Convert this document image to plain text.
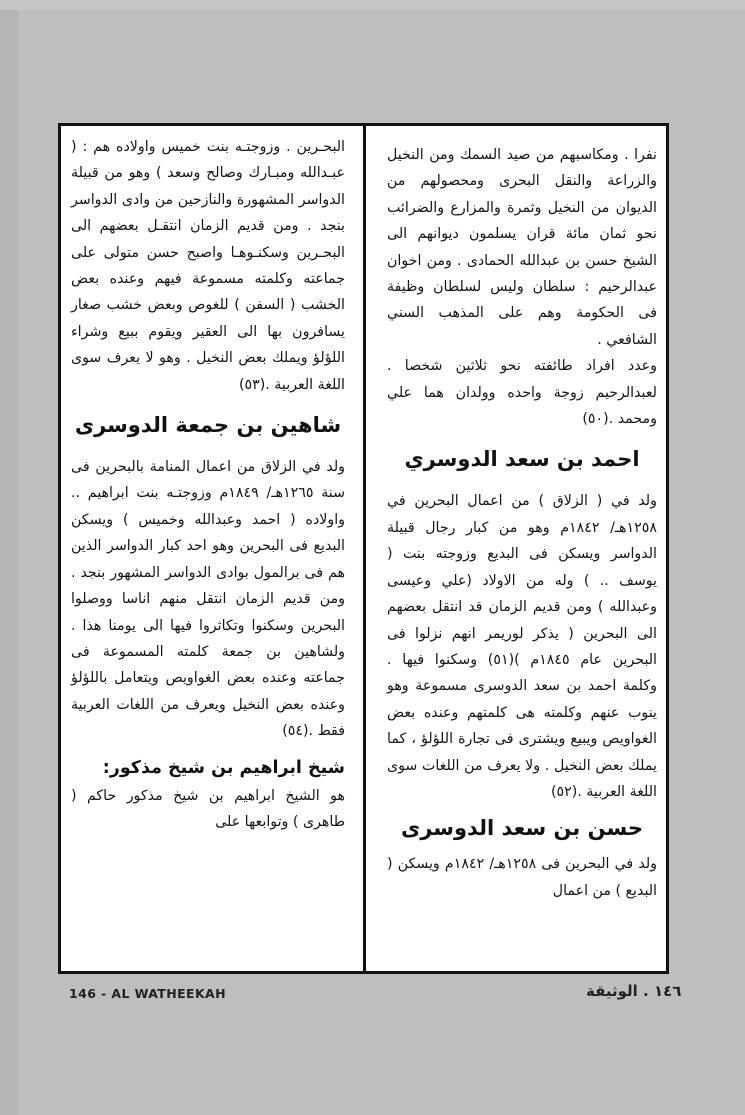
البحـرين . وزوجتـه بنت خميس واولاده هم : ( عبـدالله ومبـارك وصالح وسعد ) وهو من قبيلة الدواسر المشهورة والنازحين من وادى الدواسر بنجد . ومن قديم الزمان انتقـل بعضهم الى البحـرين وسكنـوهـا واصبح حسن متولى على جماعته وكلمته مسموعة فيهم وعنده بعض الخشب ( السفن ) للغوص وبعض خشب صغار يسافرون بها الى العقير ويقوم ببيع وشراء اللؤلؤ ويملك بعض النخيل . وهو لا يعرف سوى اللغة العربية .(٥٣)

شاهين بن جمعة الدوسرى

ولد في الزلاق من اعمال المنامة بالبحرين فى سنة ١٢٦٥هـ/ ١٨٤٩م وزوجتـه بنت ابراهيم .. واولاده ( احمد وعبدالله وخميس ) ويسكن البديع فى البحرين وهو احد كبار الدواسر الذين هم فى برالمول بوادى الدواسر المشهور بنجد . ومن قديم الزمان انتقل منهم اناسا ووصلوا البحرين وسكنوا وتكاثروا فيها الى يومنا هذا . ولشاهين بن جمعة كلمته المسموعة فى جماعته وعنده بعض الغواويص ويتعامل باللؤلؤ وعنده بعض النخيل ويعرف من اللغات العربية فقط .(٥٤)

شيخ ابراهيم بن شيخ مذكور:

هو الشيخ ابراهيم بن شيخ مذكور حاكم ( طاهرى ) وتوابعها على

نفرا . ومكاسبهم من صيد السمك ومن النخيل والزراعة والنقل البحرى ومحصولهم من الديوان من النخيل وثمرة والمزارع والضرائب نحو ثمان مائة قران يسلمون ديوانهم الى الشيخ حسن بن عبدالله الحمادى . ومن اخوان عبدالرحيم : سلطان وليس لسلطان وظيفة فى الحكومة وهم على المذهب السني الشافعي .

وعدد افراد طائفته نحو ثلاثين شخصا . لعبدالرحيم زوجة واحده وولدان هما علي ومحمد .(٥٠)

احمد بن سعد الدوسري

ولد في ( الزلاق ) من اعمال البحرين في ١٢٥٨هـ/ ١٨٤٢م وهو من كبار رجال قبيلة الدواسر ويسكن فى البديع وزوجته بنت ( يوسف .. ) وله من الاولاد (علي وعيسى وعبدالله ) ومن قديم الزمان قد انتقل بعضهم الى البحرين ( يذكر لوريمر انهم نزلوا فى البحرين عام ١٨٤٥م )(٥١) وسكنوا فيها . وكلمة احمد بن سعد الدوسرى مسموعة وهو ينوب عنهم وكلمته هى كلمتهم وعنده بعض الغواويص ويبيع ويشترى فى تجارة اللؤلؤ ، كما يملك بعض النخيل . ولا يعرف من اللغات سوى اللغة العربية .(٥٢)

حسن بن سعد الدوسرى

ولد في البحرين فى ١٢٥٨هـ/ ١٨٤٢م ويسكن ( البديع ) من اعمال

146 - AL WATHEEKAH	١٤٦ . الوثيقة
